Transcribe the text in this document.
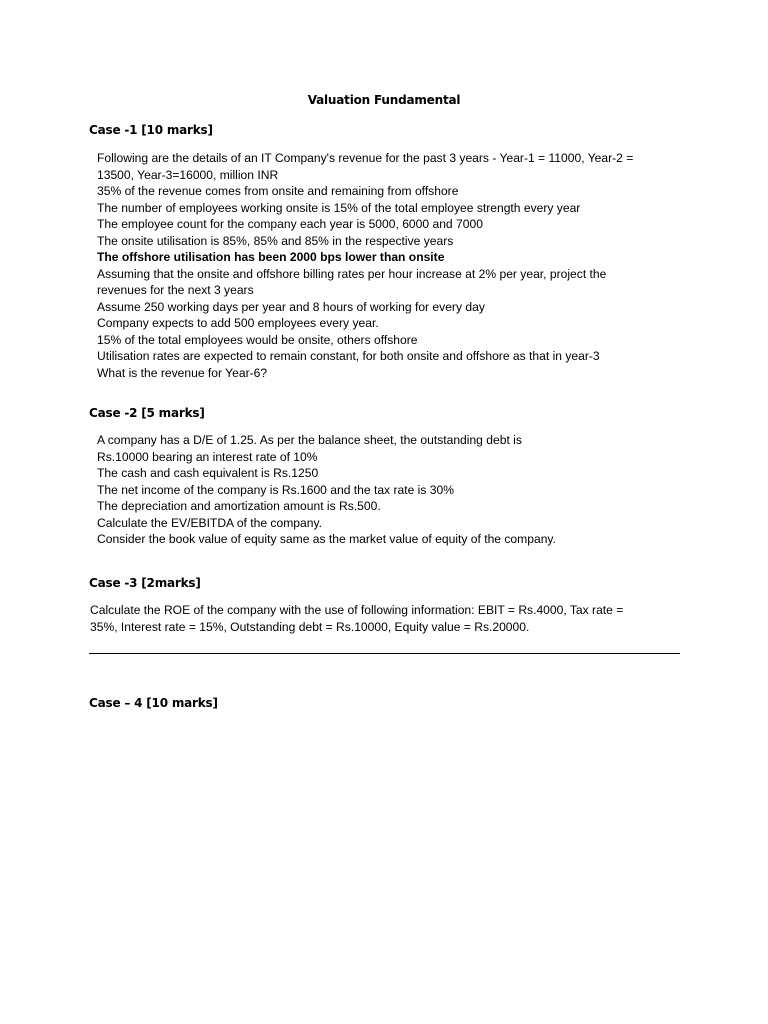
Valuation Fundamental
Case -1 [10 marks]
Following are the details of an IT Company's revenue for the past 3 years - Year-1 = 11000, Year-2 =
13500, Year-3=16000, million INR
35% of the revenue comes from onsite and remaining from offshore
The number of employees working onsite is 15% of the total employee strength every year
The employee count for the company each year is 5000, 6000 and 7000
The onsite utilisation is 85%, 85% and 85% in the respective years
The offshore utilisation has been 2000 bps lower than onsite
Assuming that the onsite and offshore billing rates per hour increase at 2% per year, project the
revenues for the next 3 years
Assume 250 working days per year and 8 hours of working for every day
Company expects to add 500 employees every year.
15% of the total employees would be onsite, others offshore
Utilisation rates are expected to remain constant, for both onsite and offshore as that in year-3
What is the revenue for Year-6?
Case -2 [5 marks]
A company has a D/E of 1.25. As per the balance sheet, the outstanding debt is
Rs.10000 bearing an interest rate of 10%
The cash and cash equivalent is Rs.1250
The net income of the company is Rs.1600 and the tax rate is 30%
The depreciation and amortization amount is Rs.500.
Calculate the EV/EBITDA of the company.
Consider the book value of equity same as the market value of equity of the company.
Case -3 [2marks]
Calculate the ROE of the company with the use of following information: EBIT = Rs.4000, Tax rate =
35%, Interest rate = 15%, Outstanding debt = Rs.10000, Equity value = Rs.20000.
Case – 4 [10 marks]
